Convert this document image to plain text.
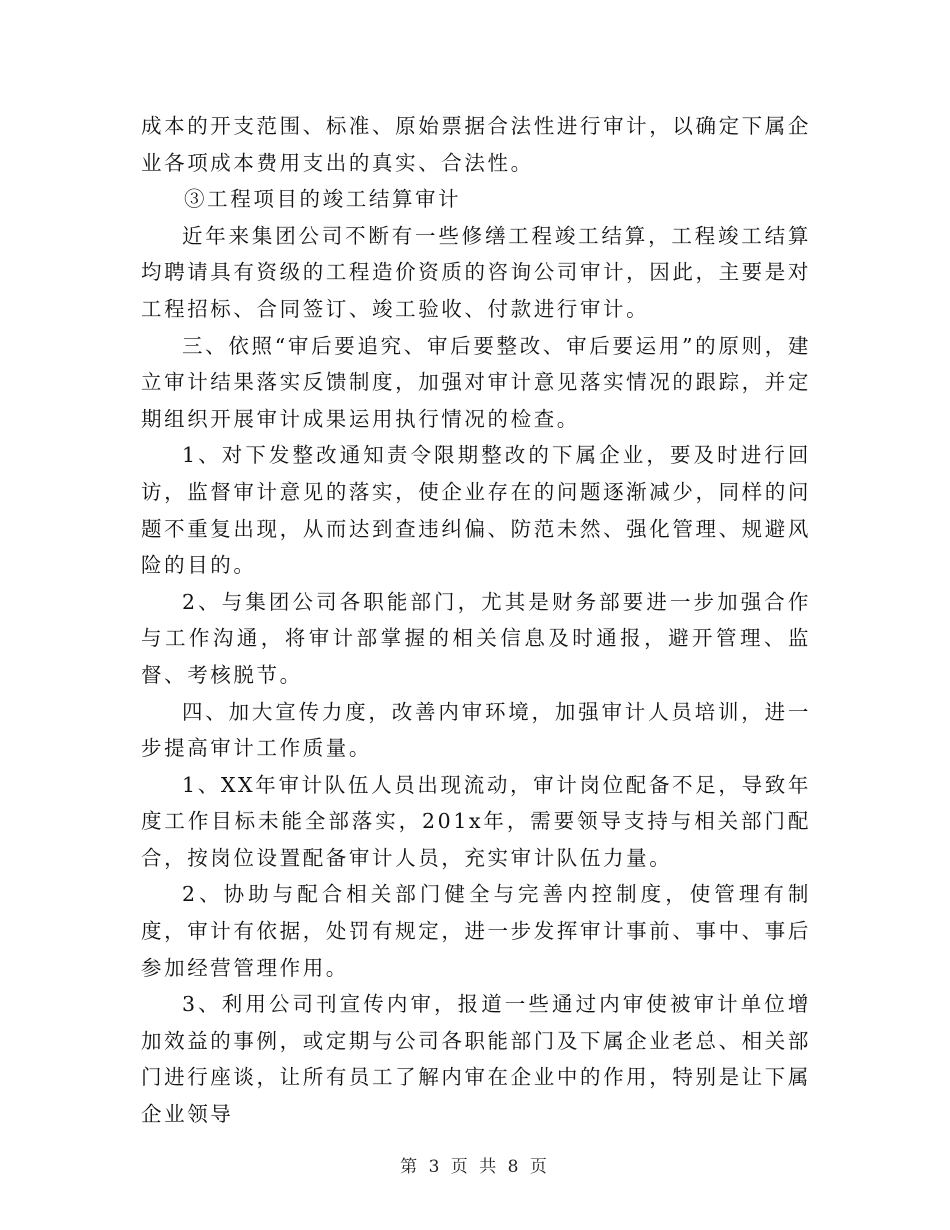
成本的开支范围、标准、原始票据合法性进行审计，以确定下属企业各项成本费用支出的真实、合法性。

③工程项目的竣工结算审计

近年来集团公司不断有一些修缮工程竣工结算，工程竣工结算均聘请具有资级的工程造价资质的咨询公司审计，因此，主要是对工程招标、合同签订、竣工验收、付款进行审计。

三、依照“审后要追究、审后要整改、审后要运用”的原则，建立审计结果落实反馈制度，加强对审计意见落实情况的跟踪，并定期组织开展审计成果运用执行情况的检查。

1、对下发整改通知责令限期整改的下属企业，要及时进行回访，监督审计意见的落实，使企业存在的问题逐渐减少，同样的问题不重复出现，从而达到查违纠偏、防范未然、强化管理、规避风险的目的。

2、与集团公司各职能部门，尤其是财务部要进一步加强合作与工作沟通，将审计部掌握的相关信息及时通报，避开管理、监督、考核脱节。

四、加大宣传力度，改善内审环境，加强审计人员培训，进一步提高审计工作质量。

1、XX年审计队伍人员出现流动，审计岗位配备不足，导致年度工作目标未能全部落实，201x年，需要领导支持与相关部门配合，按岗位设置配备审计人员，充实审计队伍力量。

2、协助与配合相关部门健全与完善内控制度，使管理有制度，审计有依据，处罚有规定，进一步发挥审计事前、事中、事后参加经营管理作用。

3、利用公司刊宣传内审，报道一些通过内审使被审计单位增加效益的事例，或定期与公司各职能部门及下属企业老总、相关部门进行座谈，让所有员工了解内审在企业中的作用，特别是让下属企业领导

第 3 页 共 8 页
